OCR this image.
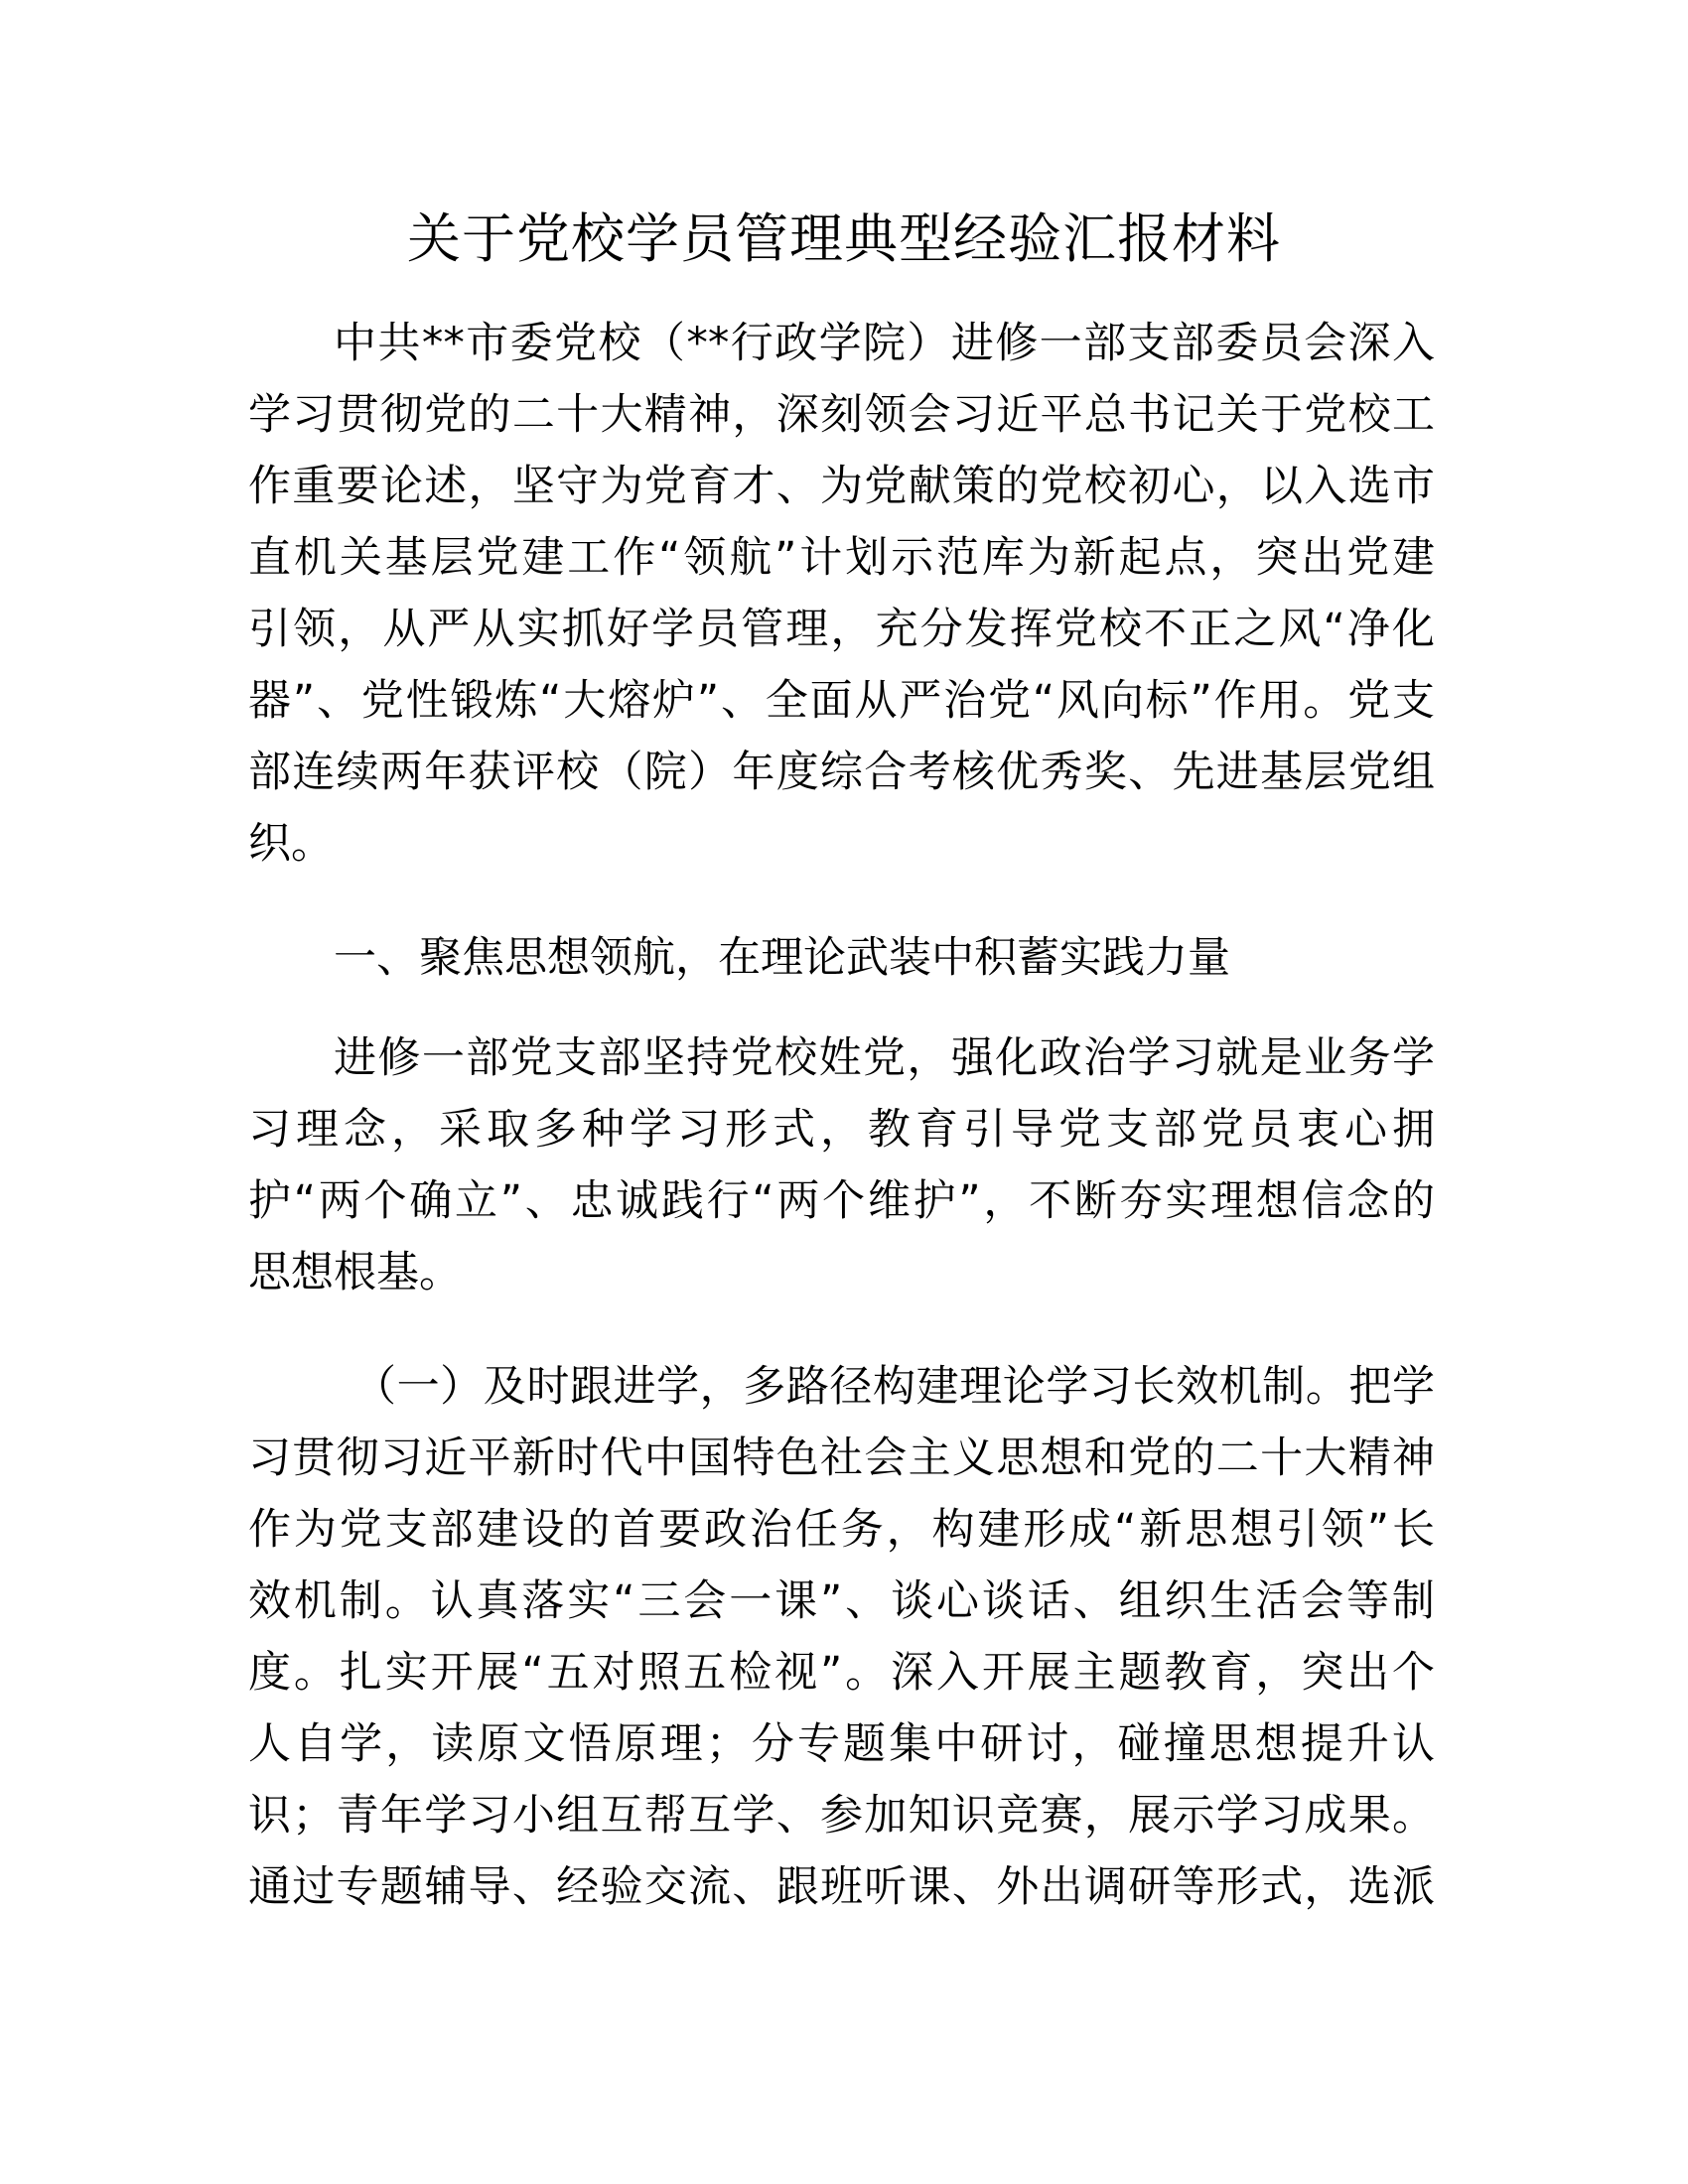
关于党校学员管理典型经验汇报材料
中共**市委党校（**行政学院）进修一部支部委员会深入
学习贯彻党的二十大精神，深刻领会习近平总书记关于党校工
作重要论述，坚守为党育才、为党献策的党校初心，以入选市
直机关基层党建工作“领航”计划示范库为新起点，突出党建
引领，从严从实抓好学员管理，充分发挥党校不正之风“净化
器”、党性锻炼“大熔炉”、全面从严治党“风向标”作用。党支
部连续两年获评校（院）年度综合考核优秀奖、先进基层党组
织。
一、聚焦思想领航，在理论武装中积蓄实践力量
进修一部党支部坚持党校姓党，强化政治学习就是业务学
习理念，采取多种学习形式，教育引导党支部党员衷心拥
护“两个确立”、忠诚践行“两个维护”，不断夯实理想信念的
思想根基。
（一）及时跟进学，多路径构建理论学习长效机制。把学
习贯彻习近平新时代中国特色社会主义思想和党的二十大精神
作为党支部建设的首要政治任务，构建形成“新思想引领”长
效机制。认真落实“三会一课”、谈心谈话、组织生活会等制
度。扎实开展“五对照五检视”。深入开展主题教育，突出个
人自学，读原文悟原理；分专题集中研讨，碰撞思想提升认
识；青年学习小组互帮互学、参加知识竞赛，展示学习成果。
通过专题辅导、经验交流、跟班听课、外出调研等形式，选派
